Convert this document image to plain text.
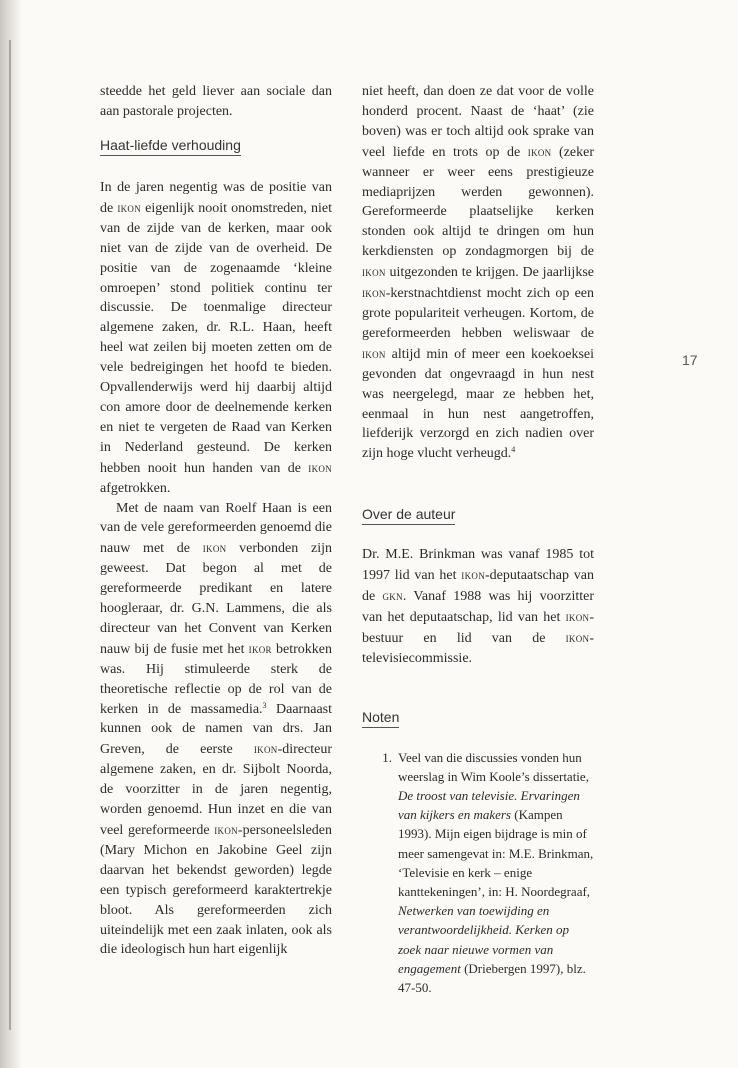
steedde het geld liever aan sociale dan aan pastorale projecten.

Haat-liefde verhouding

In de jaren negentig was de positie van de ikon eigenlijk nooit onomstreden, niet van de zijde van de kerken, maar ook niet van de zijde van de overheid. De positie van de zogenaamde ‘kleine omroepen’ stond politiek continu ter discussie. De toenmalige directeur algemene zaken, dr. R.L. Haan, heeft heel wat zeilen bij moeten zetten om de vele bedreigingen het hoofd te bieden. Opvallenderwijs werd hij daarbij altijd con amore door de deelnemende kerken en niet te vergeten de Raad van Kerken in Nederland gesteund. De kerken hebben nooit hun handen van de ikon afgetrokken.

Met de naam van Roelf Haan is een van de vele gereformeerden genoemd die nauw met de ikon verbonden zijn geweest. Dat begon al met de gereformeerde predikant en latere hoogleraar, dr. G.N. Lammens, die als directeur van het Convent van Kerken nauw bij de fusie met het ikor betrokken was. Hij stimuleerde sterk de theoretische reflectie op de rol van de kerken in de massamedia.$^3$ Daarnaast kunnen ook de namen van drs. Jan Greven, de eerste ikon-directeur algemene zaken, en dr. Sijbolt Noorda, de voorzitter in de jaren negentig, worden genoemd. Hun inzet en die van veel gereformeerde ikon-personeelsleden (Mary Michon en Jakobine Geel zijn daarvan het bekendst geworden) legde een typisch gereformeerd karaktertrekje bloot. Als gereformeerden zich uiteindelijk met een zaak inlaten, ook als die ideologisch hun hart eigenlijk

niet heeft, dan doen ze dat voor de volle honderd procent. Naast de ‘haat’ (zie boven) was er toch altijd ook sprake van veel liefde en trots op de ikon (zeker wanneer er weer eens prestigieuze mediaprijzen werden gewonnen). Gereformeerde plaatselijke kerken stonden ook altijd te dringen om hun kerkdiensten op zondagmorgen bij de ikon uitgezonden te krijgen. De jaarlijkse ikon-kerstnachtdienst mocht zich op een grote populariteit verheugen. Kortom, de gereformeerden hebben weliswaar de ikon altijd min of meer een koekoeksei gevonden dat ongevraagd in hun nest was neergelegd, maar ze hebben het, eenmaal in hun nest aangetroffen, liefderijk verzorgd en zich nadien over zijn hoge vlucht verheugd.$^4$

Over de auteur

Dr. M.E. Brinkman was vanaf 1985 tot 1997 lid van het ikon-deputaatschap van de gkn. Vanaf 1988 was hij voorzitter van het deputaatschap, lid van het ikon-bestuur en lid van de ikon-televisiecommissie.

Noten
1. Veel van die discussies vonden hun weerslag in Wim Koole’s dissertatie, De troost van televisie. Ervaringen van kijkers en makers (Kampen 1993). Mijn eigen bijdrage is min of meer samengevat in: M.E. Brinkman, ‘Televisie en kerk – enige kanttekeningen’, in: H. Noordegraaf, Netwerken van toewijding en verantwoordelijkheid. Kerken op zoek naar nieuwe vormen van engagement (Driebergen 1997), blz. 47-50.
17
